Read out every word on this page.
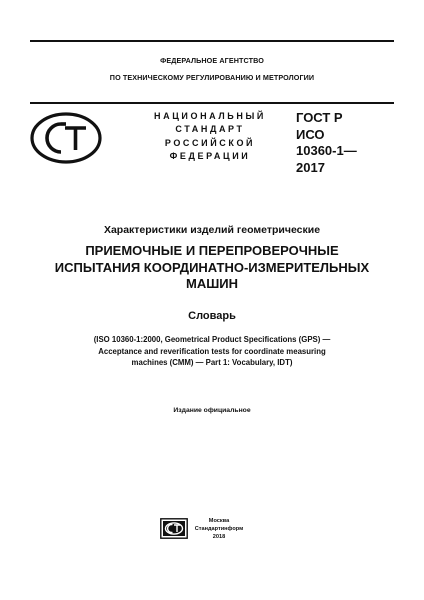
ФЕДЕРАЛЬНОЕ АГЕНТСТВО
ПО ТЕХНИЧЕСКОМУ РЕГУЛИРОВАНИЮ И МЕТРОЛОГИИ
НАЦИОНАЛЬНЫЙ
СТАНДАРТ
РОССИЙСКОЙ
ФЕДЕРАЦИИ
ГОСТ Р
ИСО
10360-1—
2017
Характеристики изделий геометрические
ПРИЕМОЧНЫЕ И ПЕРЕПРОВЕРОЧНЫЕ
ИСПЫТАНИЯ КООРДИНАТНО-ИЗМЕРИТЕЛЬНЫХ
МАШИН
Словарь
(ISO 10360-1:2000, Geometrical Product Specifications (GPS) —
Acceptance and reverification tests for coordinate measuring
machines (CMM) — Part 1: Vocabulary, IDT)
Издание официальное
Москва
Стандартинформ
2018
